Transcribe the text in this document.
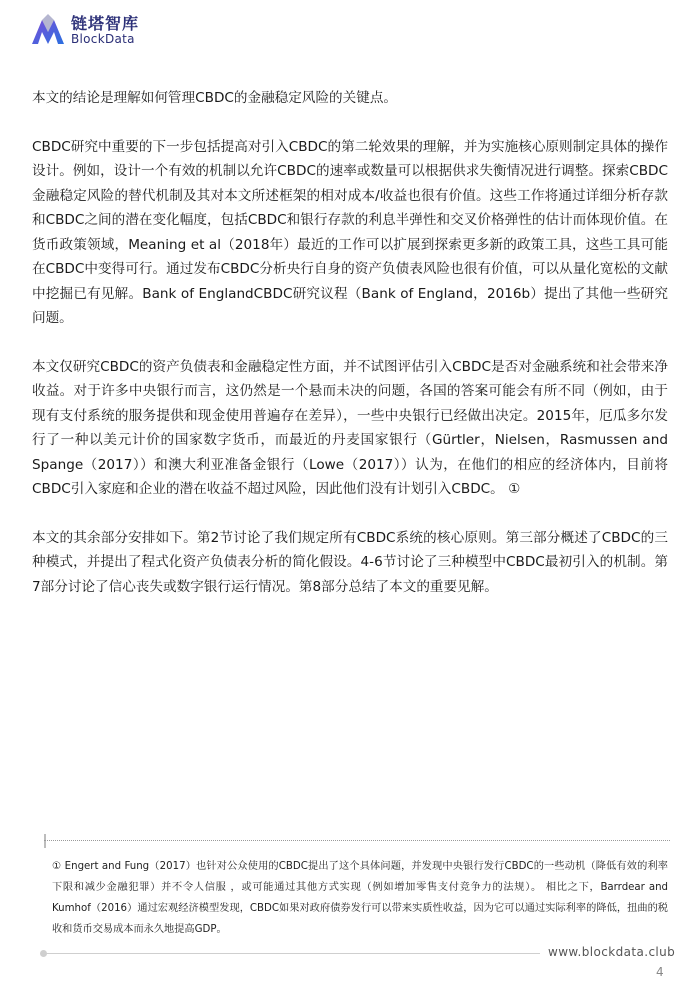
链塔智库
BlockData

本文的结论是理解如何管理CBDC的金融稳定风险的关键点。

CBDC研究中重要的下一步包括提高对引入CBDC的第二轮效果的理解，并为实施核心原则制定具体的操作设计。例如，设计一个有效的机制以允许CBDC的速率或数量可以根据供求失衡情况进行调整。探索CBDC金融稳定风险的替代机制及其对本文所述框架的相对成本/收益也很有价值。这些工作将通过详细分析存款和CBDC之间的潜在变化幅度，包括CBDC和银行存款的利息半弹性和交叉价格弹性的估计而体现价值。在货币政策领域，Meaning et al（2018年）最近的工作可以扩展到探索更多新的政策工具，这些工具可能在CBDC中变得可行。通过发布CBDC分析央行自身的资产负债表风险也很有价值，可以从量化宽松的文献中挖掘已有见解。Bank of EnglandCBDC研究议程（Bank of England，2016b）提出了其他一些研究问题。

本文仅研究CBDC的资产负债表和金融稳定性方面，并不试图评估引入CBDC是否对金融系统和社会带来净收益。对于许多中央银行而言，这仍然是一个悬而未决的问题，各国的答案可能会有所不同（例如，由于现有支付系统的服务提供和现金使用普遍存在差异），一些中央银行已经做出决定。2015年，厄瓜多尔发行了一种以美元计价的国家数字货币，而最近的丹麦国家银行（Gürtler，Nielsen，Rasmussen and Spange（2017））和澳大利亚准备金银行（Lowe（2017））认为，在他们的相应的经济体内，目前将CBDC引入家庭和企业的潜在收益不超过风险，因此他们没有计划引入CBDC。 ①

本文的其余部分安排如下。第2节讨论了我们规定所有CBDC系统的核心原则。第三部分概述了CBDC的三种模式，并提出了程式化资产负债表分析的简化假设。4-6节讨论了三种模型中CBDC最初引入的机制。第7部分讨论了信心丧失或数字银行运行情况。第8部分总结了本文的重要见解。

① Engert and Fung（2017）也针对公众使用的CBDC提出了这个具体问题，并发现中央银行发行CBDC的一些动机（降低有效的利率下限和减少金融犯罪）并不令人信服 ，或可能通过其他方式实现（例如增加零售支付竞争力的法规）。 相比之下，Barrdear and Kumhof（2016）通过宏观经济模型发现，CBDC如果对政府债券发行可以带来实质性收益，因为它可以通过实际利率的降低，扭曲的税收和货币交易成本而永久地提高GDP。
www.blockdata.club
4
